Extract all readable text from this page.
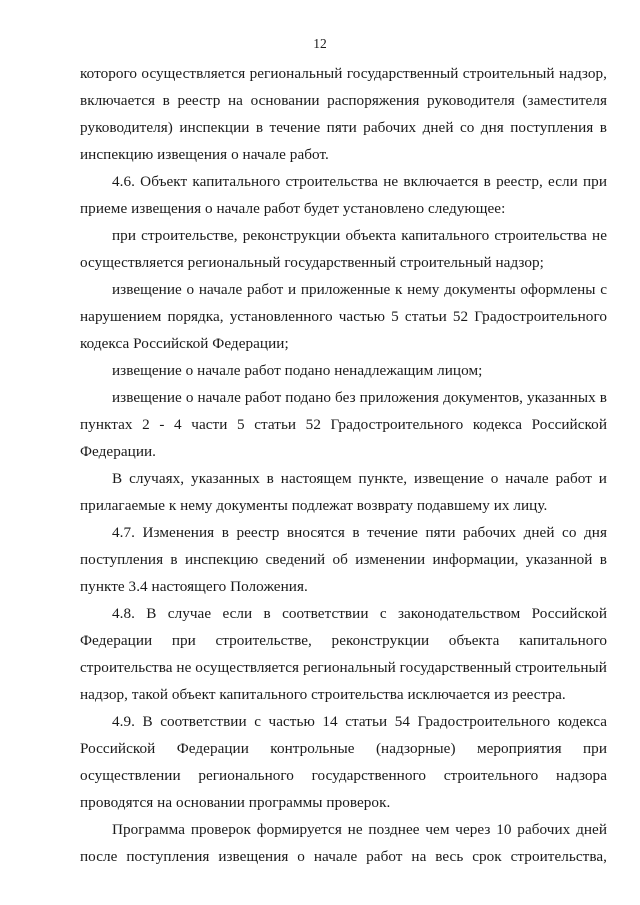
12
которого осуществляется региональный государственный строительный надзор,
включается в реестр на основании распоряжения руководителя (заместителя
руководителя) инспекции в течение пяти рабочих дней со дня поступления в
инспекцию извещения о начале работ.
4.6. Объект капитального строительства не включается в реестр, если при
приеме извещения о начале работ будет установлено следующее:
при строительстве, реконструкции объекта капитального строительства не
осуществляется региональный государственный строительный надзор;
извещение о начале работ и приложенные к нему документы оформлены с
нарушением порядка, установленного частью 5 статьи 52 Градостроительного
кодекса Российской Федерации;
извещение о начале работ подано ненадлежащим лицом;
извещение о начале работ подано без приложения документов, указанных в
пунктах 2 - 4 части 5 статьи 52 Градостроительного кодекса Российской
Федерации.
В случаях, указанных в настоящем пункте, извещение о начале работ и
прилагаемые к нему документы подлежат возврату подавшему их лицу.
4.7. Изменения в реестр вносятся в течение пяти рабочих дней со дня
поступления в инспекцию сведений об изменении информации, указанной в
пункте 3.4 настоящего Положения.
4.8. В случае если в соответствии с законодательством Российской
Федерации при строительстве, реконструкции объекта капитального
строительства не осуществляется региональный государственный строительный
надзор, такой объект капитального строительства исключается из реестра.
4.9. В соответствии с частью 14 статьи 54 Градостроительного кодекса
Российской Федерации контрольные (надзорные) мероприятия при
осуществлении регионального государственного строительного надзора
проводятся на основании программы проверок.
Программа проверок формируется не позднее чем через 10 рабочих дней
после поступления извещения о начале работ на весь срок строительства,
